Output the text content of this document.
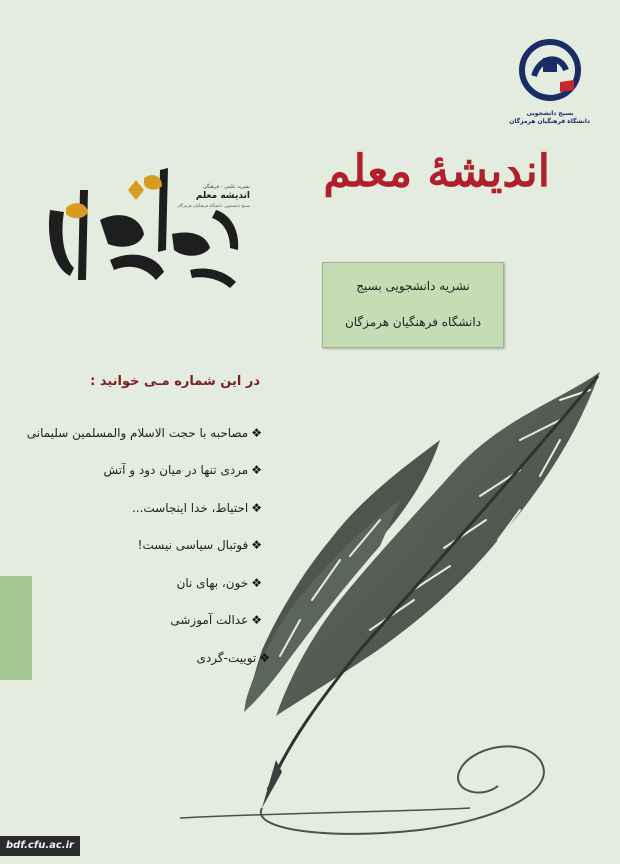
بسیج دانشجویی
دانشگاه فرهنگیان هرمزگان
اندیشهٔ معلم
نشریه علمی - فرهنگی
اندیشه معلم
بسیج دانشجویی دانشگاه فرهنگیان هرمزگان
نشریه دانشجویی بسیج
دانشگاه فرهنگیان هرمزگان
در این شماره مـی خوانید :
❖مصاحبه با حجت الاسلام والمسلمین سلیمانی
❖مردی تنها در میان دود و آتش
❖احتیاط، خدا اینجاست...
❖فوتبال سیاسی نیست!
❖خون، بهای نان
❖عدالت آموزشی
❖توییت-گردی
bdf.cfu.ac.ir
